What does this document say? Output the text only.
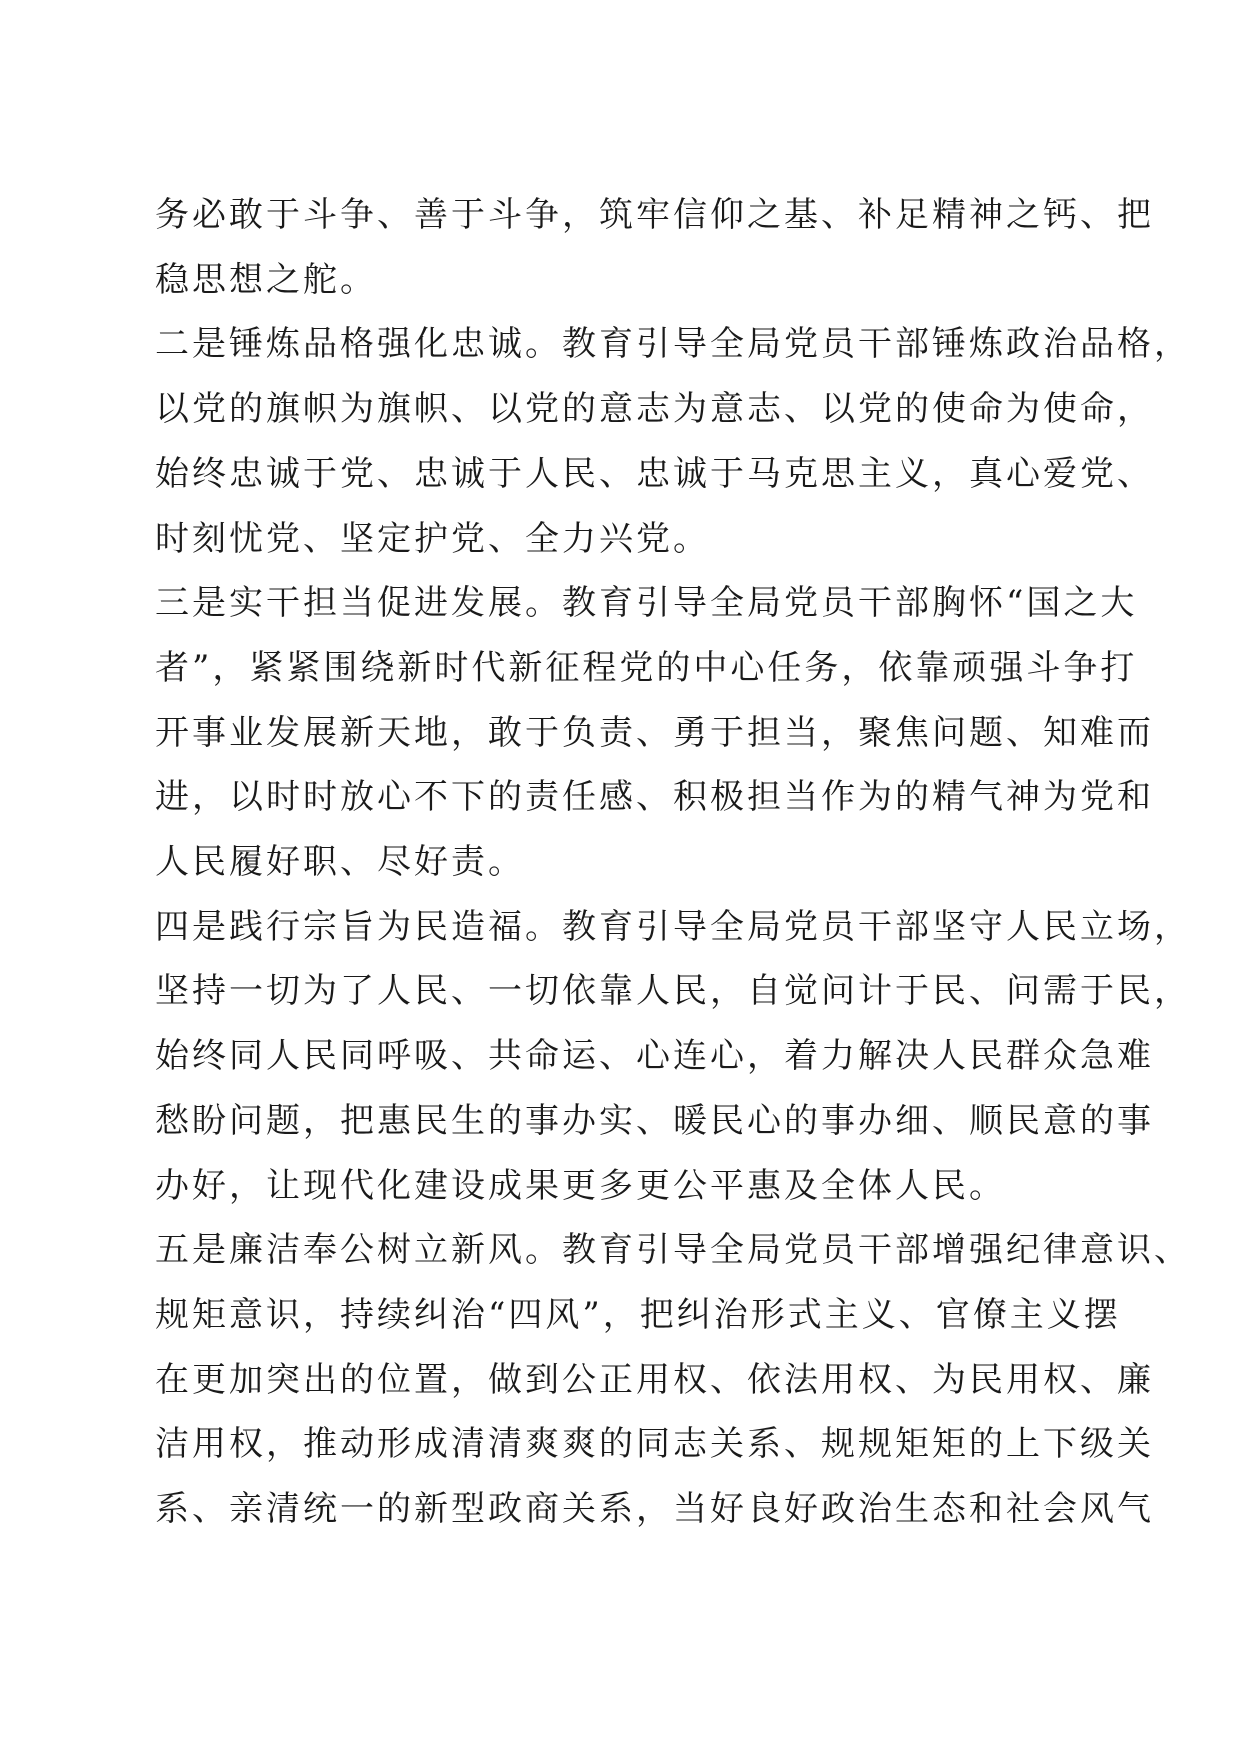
务必敢于斗争、善于斗争，筑牢信仰之基、补足精神之钙、把
稳思想之舵。

二是锤炼品格强化忠诚。教育引导全局党员干部锤炼政治品格，
以党的旗帜为旗帜、以党的意志为意志、以党的使命为使命，
始终忠诚于党、忠诚于人民、忠诚于马克思主义，真心爱党、
时刻忧党、坚定护党、全力兴党。

三是实干担当促进发展。教育引导全局党员干部胸怀“国之大
者”，紧紧围绕新时代新征程党的中心任务，依靠顽强斗争打
开事业发展新天地，敢于负责、勇于担当，聚焦问题、知难而
进，以时时放心不下的责任感、积极担当作为的精气神为党和
人民履好职、尽好责。

四是践行宗旨为民造福。教育引导全局党员干部坚守人民立场，
坚持一切为了人民、一切依靠人民，自觉问计于民、问需于民，
始终同人民同呼吸、共命运、心连心，着力解决人民群众急难
愁盼问题，把惠民生的事办实、暖民心的事办细、顺民意的事
办好，让现代化建设成果更多更公平惠及全体人民。

五是廉洁奉公树立新风。教育引导全局党员干部增强纪律意识、
规矩意识，持续纠治“四风”，把纠治形式主义、官僚主义摆
在更加突出的位置，做到公正用权、依法用权、为民用权、廉
洁用权，推动形成清清爽爽的同志关系、规规矩矩的上下级关
系、亲清统一的新型政商关系，当好良好政治生态和社会风气
